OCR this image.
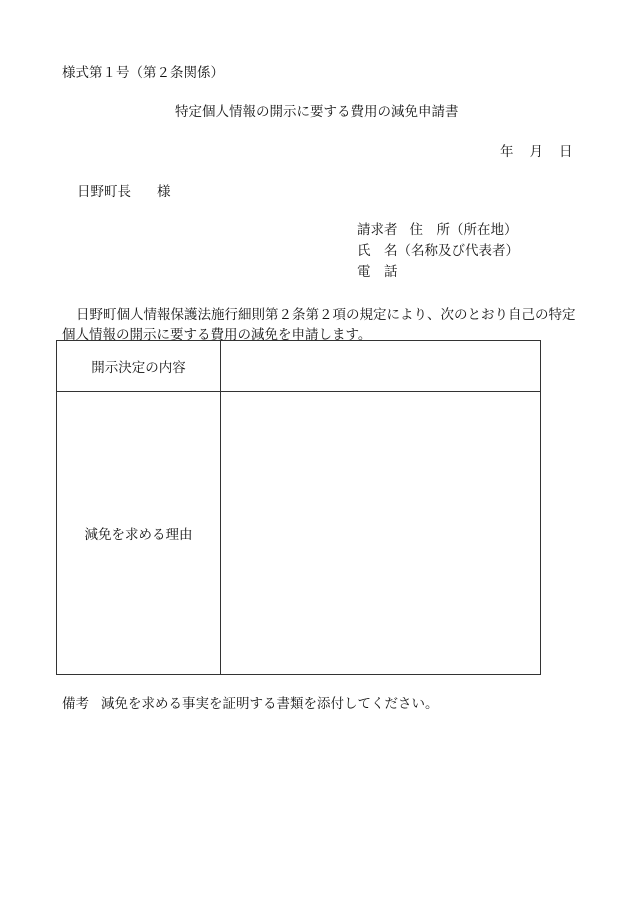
様式第１号（第２条関係）
特定個人情報の開示に要する費用の減免申請書
年 月 日
日野町長 様
請求者 住　所（所在地）
氏　名（名称及び代表者）
電　話
日野町個人情報保護法施行細則第２条第２項の規定により、次のとおり自己の特定個人情報の開示に要する費用の減免を申請します。
開示決定の内容
減免を求める理由
備考 減免を求める事実を証明する書類を添付してください。
